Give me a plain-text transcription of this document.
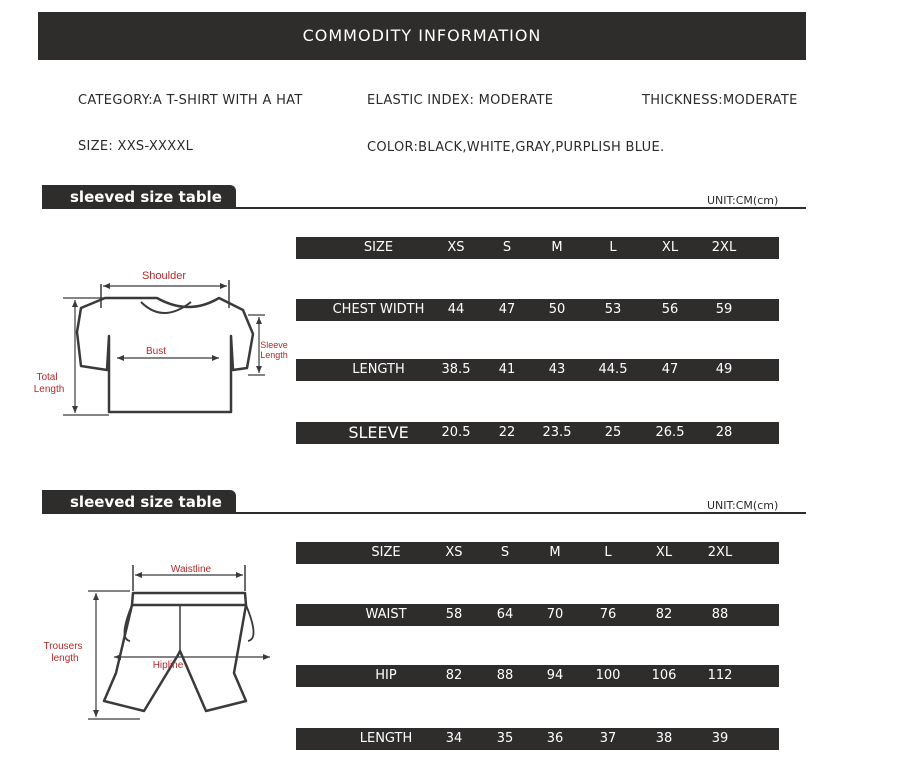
COMMODITY INFORMATION
CATEGORY:A T-SHIRT WITH A HAT	ELASTIC INDEX: MODERATE	THICKNESS:MODERATE
SIZE: XXS-XXXXL	COLOR:BLACK,WHITE,GRAY,PURPLISH BLUE.
sleeved size table	UNIT:CM(cm)
Shoulder
Bust
Sleeve
Length
Total
Length
SIZE	XS	S	M	L	XL	2XL
CHEST WIDTH	44	47	50	53	56	59
LENGTH	38.5	41	43	44.5	47	49
SLEEVE	20.5	22	23.5	25	26.5	28
sleeved size table	UNIT:CM(cm)
Waistline
Hipline
Trousers
length
SIZE	XS	S	M	L	XL	2XL
WAIST	58	64	70	76	82	88
HIP	82	88	94	100	106	112
LENGTH	34	35	36	37	38	39
